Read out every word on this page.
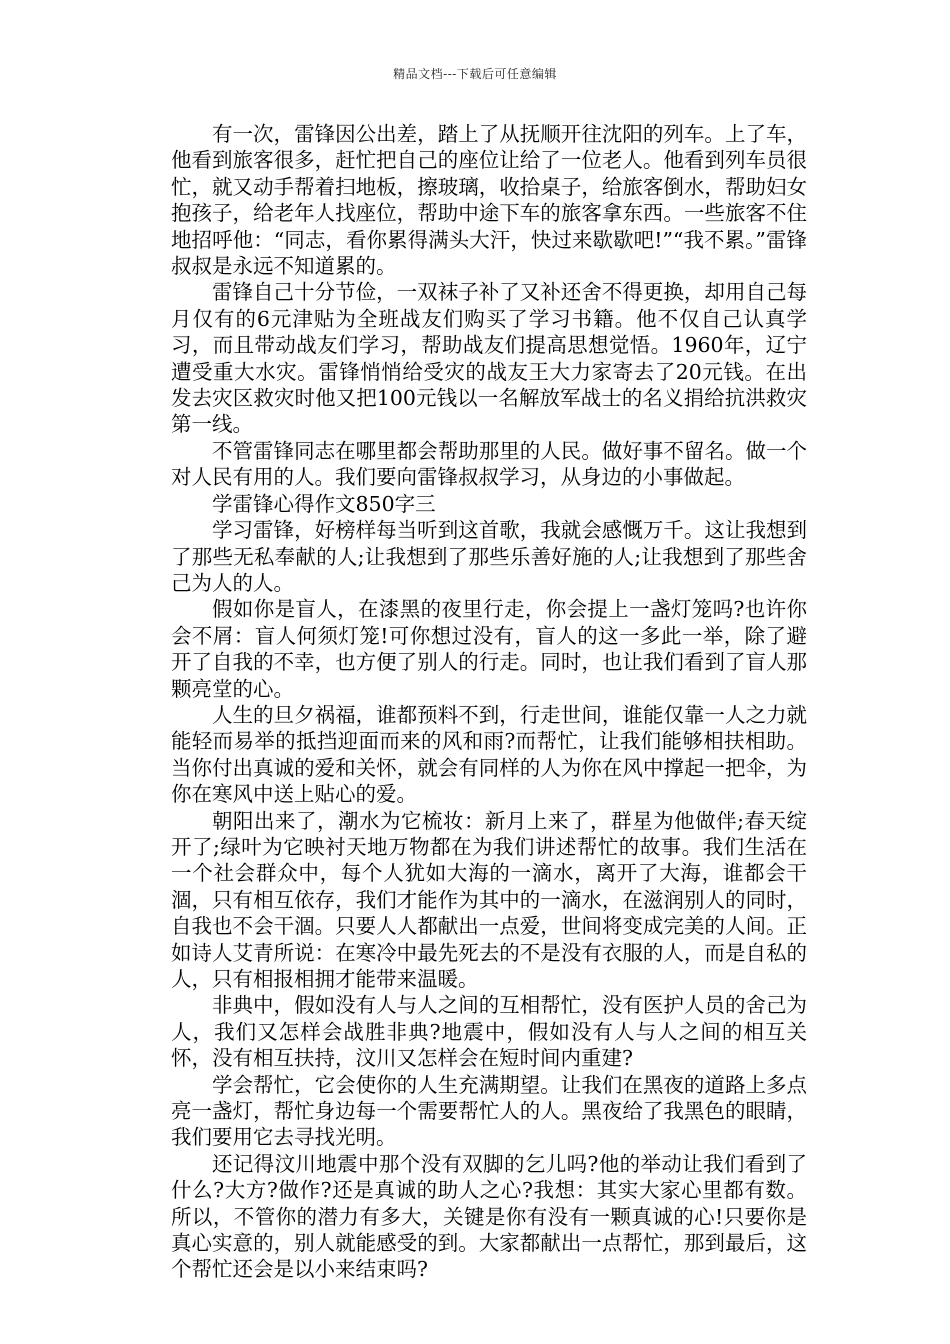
精品文档---下载后可任意编辑

有一次，雷锋因公出差，踏上了从抚顺开往沈阳的列车。上了车，他看到旅客很多，赶忙把自己的座位让给了一位老人。他看到列车员很忙，就又动手帮着扫地板，擦玻璃，收拾桌子，给旅客倒水，帮助妇女抱孩子，给老年人找座位，帮助中途下车的旅客拿东西。一些旅客不住地招呼他：“同志，看你累得满头大汗，快过来歇歇吧!”“我不累。”雷锋叔叔是永远不知道累的。

雷锋自己十分节俭，一双袜子补了又补还舍不得更换，却用自己每月仅有的6元津贴为全班战友们购买了学习书籍。他不仅自己认真学习，而且带动战友们学习，帮助战友们提高思想觉悟。1960年，辽宁遭受重大水灾。雷锋悄悄给受灾的战友王大力家寄去了20元钱。在出发去灾区救灾时他又把100元钱以一名解放军战士的名义捐给抗洪救灾第一线。

不管雷锋同志在哪里都会帮助那里的人民。做好事不留名。做一个对人民有用的人。我们要向雷锋叔叔学习，从身边的小事做起。

学雷锋心得作文850字三

学习雷锋，好榜样每当听到这首歌，我就会感慨万千。这让我想到了那些无私奉献的人;让我想到了那些乐善好施的人;让我想到了那些舍己为人的人。

假如你是盲人，在漆黑的夜里行走，你会提上一盏灯笼吗?也许你会不屑：盲人何须灯笼!可你想过没有，盲人的这一多此一举，除了避开了自我的不幸，也方便了别人的行走。同时，也让我们看到了盲人那颗亮堂的心。

人生的旦夕祸福，谁都预料不到，行走世间，谁能仅靠一人之力就能轻而易举的抵挡迎面而来的风和雨?而帮忙，让我们能够相扶相助。当你付出真诚的爱和关怀，就会有同样的人为你在风中撑起一把伞，为你在寒风中送上贴心的爱。

朝阳出来了，潮水为它梳妆：新月上来了，群星为他做伴;春天绽开了;绿叶为它映衬天地万物都在为我们讲述帮忙的故事。我们生活在一个社会群众中，每个人犹如大海的一滴水，离开了大海，谁都会干涸，只有相互依存，我们才能作为其中的一滴水，在滋润别人的同时，自我也不会干涸。只要人人都献出一点爱，世间将变成完美的人间。正如诗人艾青所说：在寒冷中最先死去的不是没有衣服的人，而是自私的人，只有相报相拥才能带来温暖。

非典中，假如没有人与人之间的互相帮忙，没有医护人员的舍己为人，我们又怎样会战胜非典?地震中，假如没有人与人之间的相互关怀，没有相互扶持，汶川又怎样会在短时间内重建?

学会帮忙，它会使你的人生充满期望。让我们在黑夜的道路上多点亮一盏灯，帮忙身边每一个需要帮忙人的人。黑夜给了我黑色的眼睛，我们要用它去寻找光明。

还记得汶川地震中那个没有双脚的乞儿吗?他的举动让我们看到了什么?大方?做作?还是真诚的助人之心?我想：其实大家心里都有数。所以，不管你的潜力有多大，关键是你有没有一颗真诚的心!只要你是真心实意的，别人就能感受的到。大家都献出一点帮忙，那到最后，这个帮忙还会是以小来结束吗?
